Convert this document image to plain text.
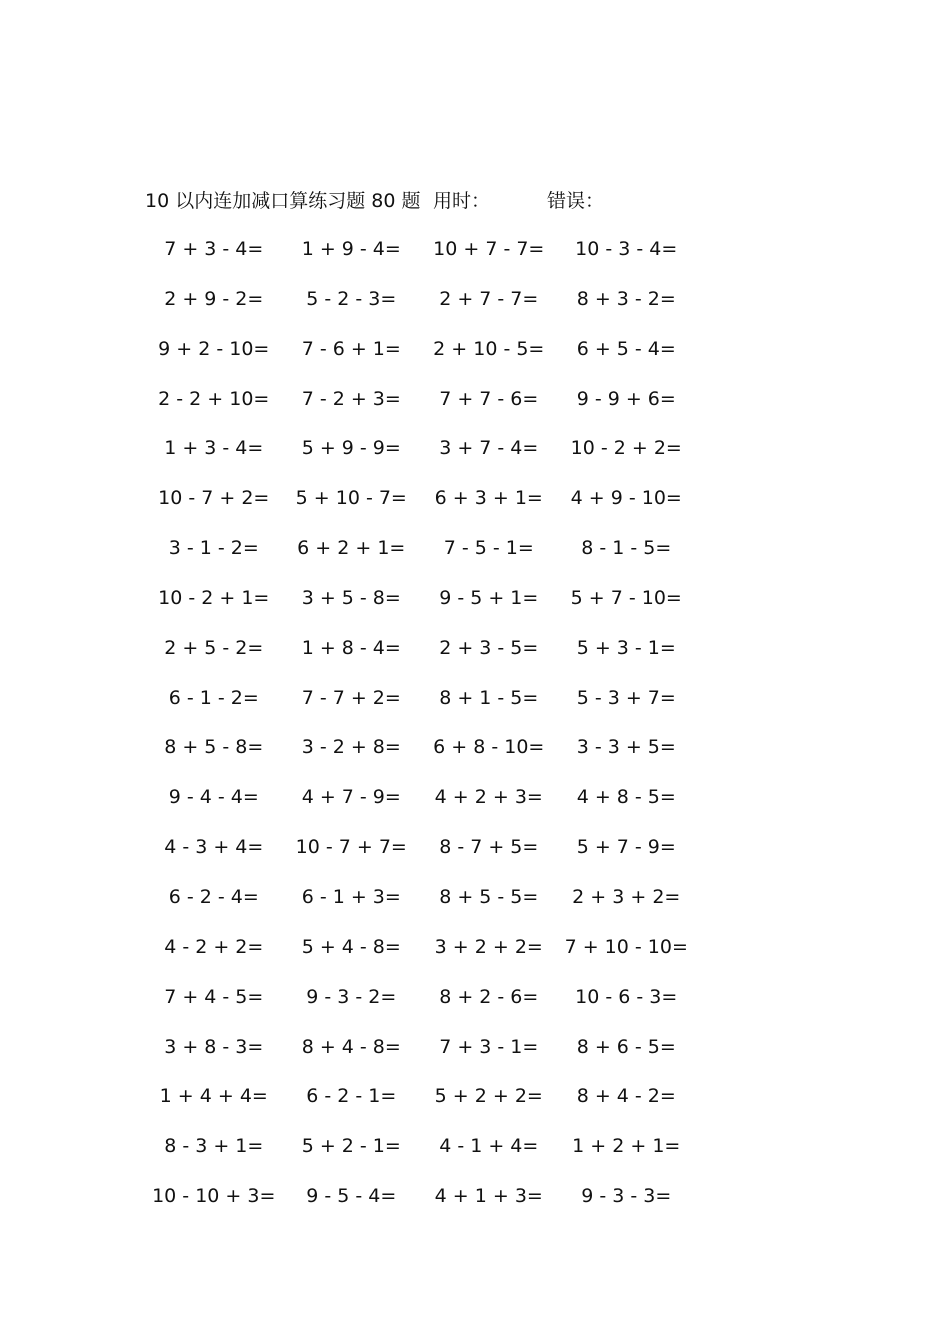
10 以内连加减口算练习题 80 题 用时：	错误：
7 + 3 - 4=	1 + 9 - 4=	10 + 7 - 7=	10 - 3 - 4=
2 + 9 - 2=	5 - 2 - 3=	2 + 7 - 7=	8 + 3 - 2=
9 + 2 - 10=	7 - 6 + 1=	2 + 10 - 5=	6 + 5 - 4=
2 - 2 + 10=	7 - 2 + 3=	7 + 7 - 6=	9 - 9 + 6=
1 + 3 - 4=	5 + 9 - 9=	3 + 7 - 4=	10 - 2 + 2=
10 - 7 + 2=	5 + 10 - 7=	6 + 3 + 1=	4 + 9 - 10=
3 - 1 - 2=	6 + 2 + 1=	7 - 5 - 1=	8 - 1 - 5=
10 - 2 + 1=	3 + 5 - 8=	9 - 5 + 1=	5 + 7 - 10=
2 + 5 - 2=	1 + 8 - 4=	2 + 3 - 5=	5 + 3 - 1=
6 - 1 - 2=	7 - 7 + 2=	8 + 1 - 5=	5 - 3 + 7=
8 + 5 - 8=	3 - 2 + 8=	6 + 8 - 10=	3 - 3 + 5=
9 - 4 - 4=	4 + 7 - 9=	4 + 2 + 3=	4 + 8 - 5=
4 - 3 + 4=	10 - 7 + 7=	8 - 7 + 5=	5 + 7 - 9=
6 - 2 - 4=	6 - 1 + 3=	8 + 5 - 5=	2 + 3 + 2=
4 - 2 + 2=	5 + 4 - 8=	3 + 2 + 2=	7 + 10 - 10=
7 + 4 - 5=	9 - 3 - 2=	8 + 2 - 6=	10 - 6 - 3=
3 + 8 - 3=	8 + 4 - 8=	7 + 3 - 1=	8 + 6 - 5=
1 + 4 + 4=	6 - 2 - 1=	5 + 2 + 2=	8 + 4 - 2=
8 - 3 + 1=	5 + 2 - 1=	4 - 1 + 4=	1 + 2 + 1=
10 - 10 + 3=	9 - 5 - 4=	4 + 1 + 3=	9 - 3 - 3=
